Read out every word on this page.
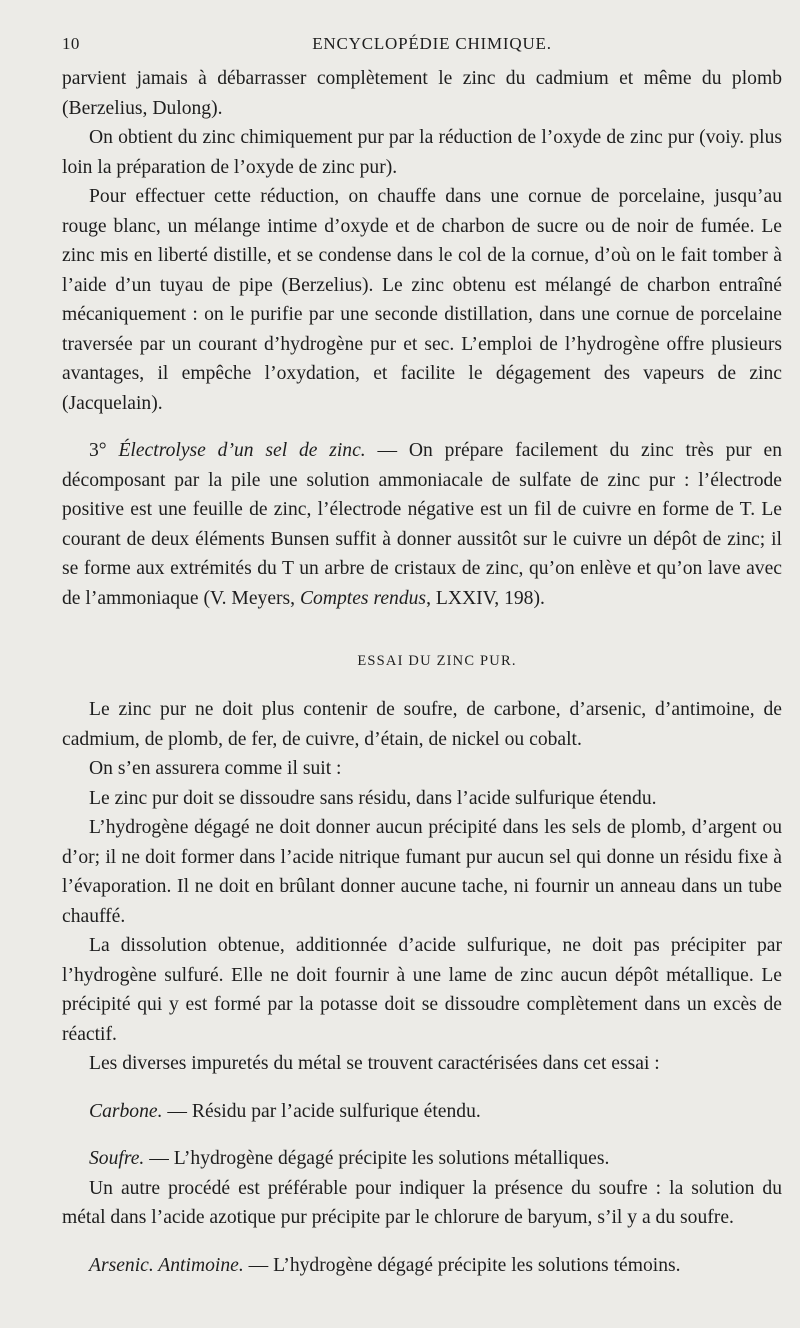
10	ENCYCLOPÉDIE CHIMIQUE.

parvient jamais à débarrasser complètement le zinc du cadmium et même du plomb (Berzelius, Dulong).

On obtient du zinc chimiquement pur par la réduction de l’oxyde de zinc pur (voiy. plus loin la préparation de l’oxyde de zinc pur).

Pour effectuer cette réduction, on chauffe dans une cornue de porcelaine, jusqu’au rouge blanc, un mélange intime d’oxyde et de charbon de sucre ou de noir de fumée. Le zinc mis en liberté distille, et se condense dans le col de la cornue, d’où on le fait tomber à l’aide d’un tuyau de pipe (Berzelius). Le zinc obtenu est mélangé de charbon entraîné mécaniquement : on le purifie par une seconde distillation, dans une cornue de porcelaine traversée par un courant d’hydrogène pur et sec. L’emploi de l’hydrogène offre plusieurs avantages, il empêche l’oxydation, et facilite le dégagement des vapeurs de zinc (Jacquelain).

3° Électrolyse d’un sel de zinc. — On prépare facilement du zinc très pur en décomposant par la pile une solution ammoniacale de sulfate de zinc pur : l’électrode positive est une feuille de zinc, l’électrode négative est un fil de cuivre en forme de T. Le courant de deux éléments Bunsen suffit à donner aussitôt sur le cuivre un dépôt de zinc; il se forme aux extrémités du T un arbre de cristaux de zinc, qu’on enlève et qu’on lave avec de l’ammoniaque (V. Meyers, Comptes rendus, LXXIV, 198).

ESSAI DU ZINC PUR.

Le zinc pur ne doit plus contenir de soufre, de carbone, d’arsenic, d’antimoine, de cadmium, de plomb, de fer, de cuivre, d’étain, de nickel ou cobalt.

On s’en assurera comme il suit :

Le zinc pur doit se dissoudre sans résidu, dans l’acide sulfurique étendu.

L’hydrogène dégagé ne doit donner aucun précipité dans les sels de plomb, d’argent ou d’or; il ne doit former dans l’acide nitrique fumant pur aucun sel qui donne un résidu fixe à l’évaporation. Il ne doit en brûlant donner aucune tache, ni fournir un anneau dans un tube chauffé.

La dissolution obtenue, additionnée d’acide sulfurique, ne doit pas précipiter par l’hydrogène sulfuré. Elle ne doit fournir à une lame de zinc aucun dépôt métallique. Le précipité qui y est formé par la potasse doit se dissoudre complètement dans un excès de réactif.

Les diverses impuretés du métal se trouvent caractérisées dans cet essai :

Carbone. — Résidu par l’acide sulfurique étendu.

Soufre. — L’hydrogène dégagé précipite les solutions métalliques.

Un autre procédé est préférable pour indiquer la présence du soufre : la solution du métal dans l’acide azotique pur précipite par le chlorure de baryum, s’il y a du soufre.

Arsenic. Antimoine. — L’hydrogène dégagé précipite les solutions témoins.
